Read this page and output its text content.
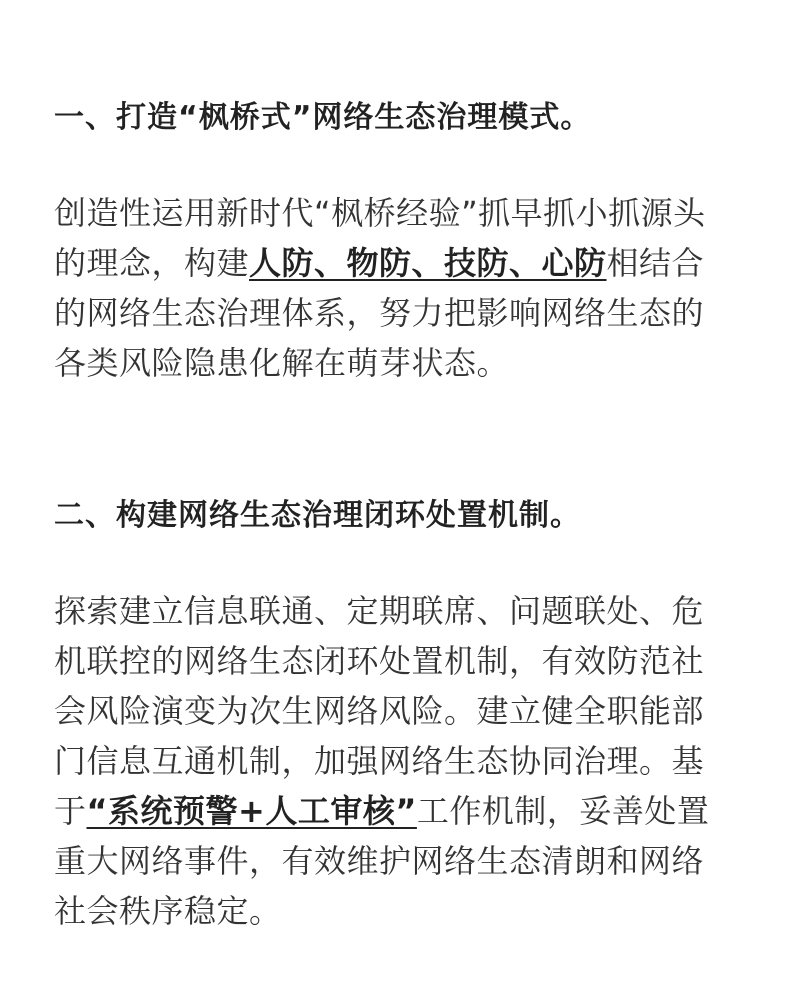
一、打造“枫桥式”网络生态治理模式。

创造性运用新时代“枫桥经验”抓早抓小抓源头的理念，构建人防、物防、技防、心防相结合的网络生态治理体系，努力把影响网络生态的各类风险隐患化解在萌芽状态。

二、构建网络生态治理闭环处置机制。

探索建立信息联通、定期联席、问题联处、危机联控的网络生态闭环处置机制，有效防范社会风险演变为次生网络风险。建立健全职能部门信息互通机制，加强网络生态协同治理。基于“系统预警+人工审核”工作机制，妥善处置重大网络事件，有效维护网络生态清朗和网络社会秩序稳定。
